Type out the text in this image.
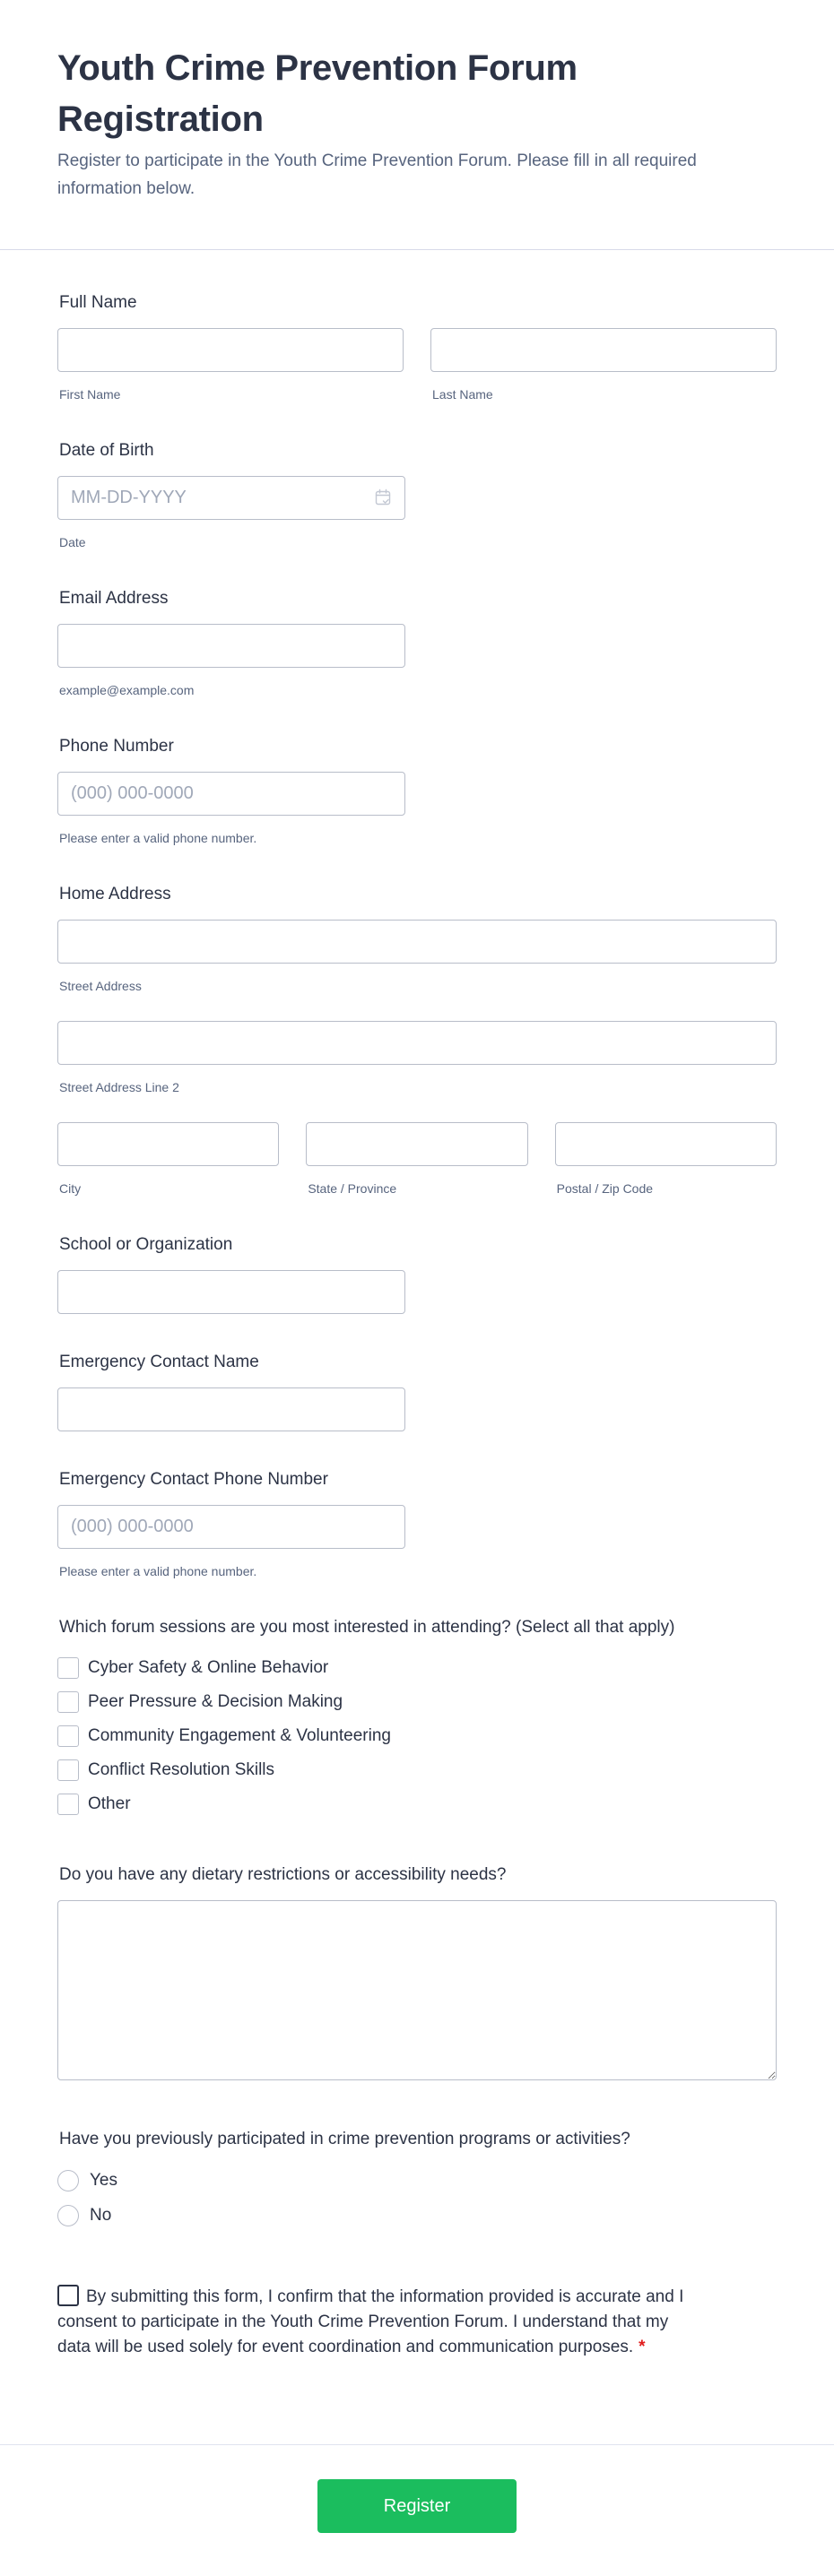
Youth Crime Prevention Forum Registration

Register to participate in the Youth Crime Prevention Forum. Please fill in all required information below.

Full Name
First Name	Last Name
Date of Birth
MM-DD-YYYY
Date
Email Address
example@example.com
Phone Number
(000) 000-0000
Please enter a valid phone number.
Home Address
Street Address
Street Address Line 2
City	State / Province	Postal / Zip Code
School or Organization
Emergency Contact Name
Emergency Contact Phone Number
(000) 000-0000
Please enter a valid phone number.
Which forum sessions are you most interested in attending? (Select all that apply)
Cyber Safety & Online Behavior
Peer Pressure & Decision Making
Community Engagement & Volunteering
Conflict Resolution Skills
Other
Do you have any dietary restrictions or accessibility needs?
Have you previously participated in crime prevention programs or activities?
Yes
No

By submitting this form, I confirm that the information provided is accurate and I consent to participate in the Youth Crime Prevention Forum. I understand that my data will be used solely for event coordination and communication purposes. *

Register
